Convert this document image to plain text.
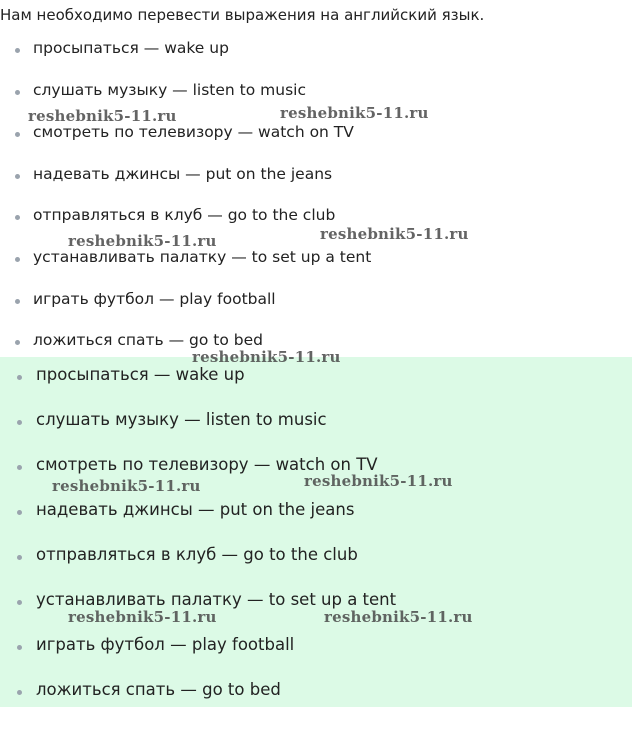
Нам необходимо перевести выражения на английский язык.
просыпаться — wake up
слушать музыку — listen to music
смотреть по телевизору — watch on TV
надевать джинсы — put on the jeans
отправляться в клуб — go to the club
устанавливать палатку — to set up a tent
играть футбол — play football
ложиться спать — go to bed
просыпаться — wake up
слушать музыку — listen to music
смотреть по телевизору — watch on TV
надевать джинсы — put on the jeans
отправляться в клуб — go to the club
устанавливать палатку — to set up a tent
играть футбол — play football
ложиться спать — go to bed
reshebnik5-11.ru	reshebnik5-11.ru
reshebnik5-11.ru	reshebnik5-11.ru
reshebnik5-11.ru
reshebnik5-11.ru	reshebnik5-11.ru
reshebnik5-11.ru	reshebnik5-11.ru
